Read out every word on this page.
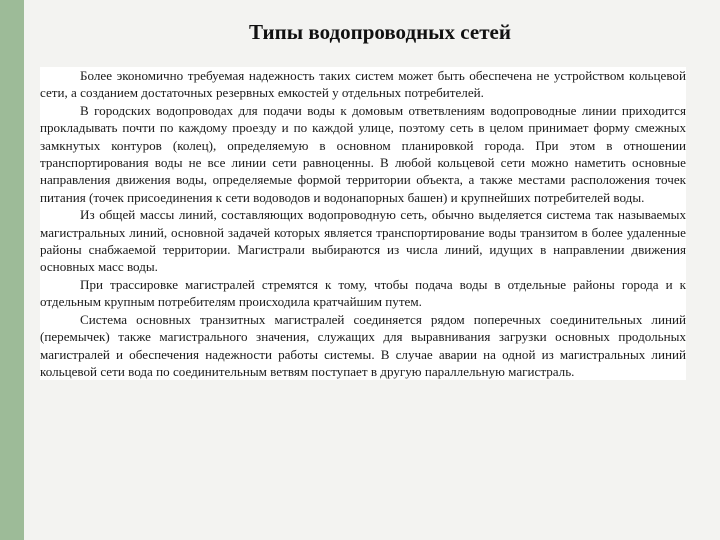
Типы водопроводных сетей

Более экономично требуемая надежность таких систем может быть обеспечена не устройством кольцевой сети, а созданием достаточных резервных емкостей у отдельных потребителей.

В городских водопроводах для подачи воды к домовым ответвлениям водопроводные линии приходится прокладывать почти по каждому проезду и по каждой улице, поэтому сеть в целом принимает форму смежных замкнутых контуров (колец), определяемую в основном планировкой города. При этом в отношении транспортирования воды не все линии сети равноценны. В любой кольцевой сети можно наметить основные направления движения воды, определяемые формой территории объекта, а также местами расположения точек питания (точек присоединения к сети водоводов и водонапорных башен) и крупнейших потребителей воды.

Из общей массы линий, составляющих водопроводную сеть, обычно выделяется система так называемых магистральных линий, основной задачей которых является транспортирование воды транзитом в более удаленные районы снабжаемой территории. Магистрали выбираются из числа линий, идущих в направлении движения основных масс воды.

При трассировке магистралей стремятся к тому, чтобы подача воды в отдельные районы города и к отдельным крупным потребителям происходила кратчайшим путем.

Система основных транзитных магистралей соединяется рядом поперечных соединительных линий (перемычек) также магистрального значения, служащих для выравнивания загрузки основных продольных магистралей и обеспечения надежности работы системы. В случае аварии на одной из магистральных линий кольцевой сети вода по соединительным ветвям поступает в другую параллельную магистраль.
